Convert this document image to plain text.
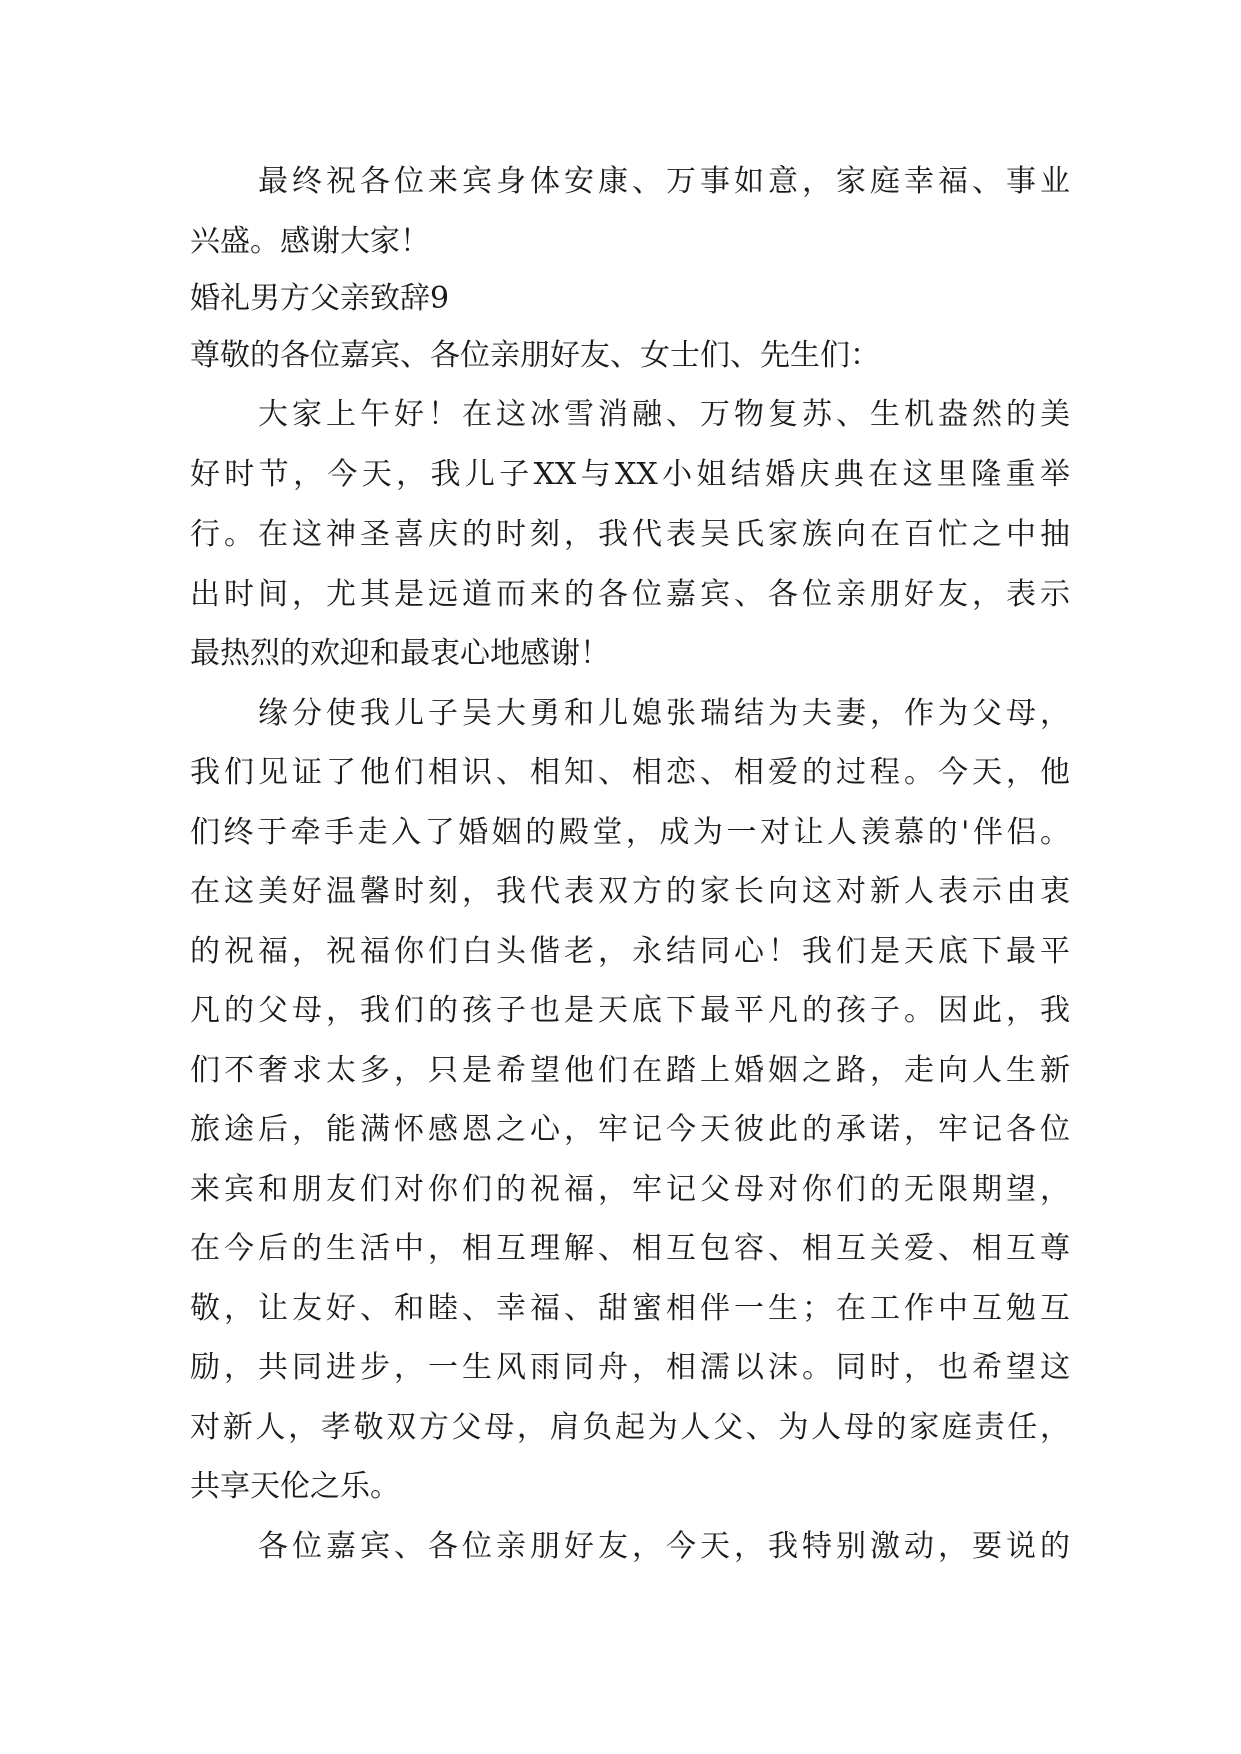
最终祝各位来宾身体安康、万事如意，家庭幸福、事业
兴盛。感谢大家！
婚礼男方父亲致辞9
尊敬的各位嘉宾、各位亲朋好友、女士们、先生们：
大家上午好！在这冰雪消融、万物复苏、生机盎然的美
好时节，今天，我儿子XX与XX小姐结婚庆典在这里隆重举
行。在这神圣喜庆的时刻，我代表吴氏家族向在百忙之中抽
出时间，尤其是远道而来的各位嘉宾、各位亲朋好友，表示
最热烈的欢迎和最衷心地感谢！
缘分使我儿子吴大勇和儿媳张瑞结为夫妻，作为父母，
我们见证了他们相识、相知、相恋、相爱的过程。今天，他
们终于牵手走入了婚姻的殿堂，成为一对让人羡慕的'伴侣。
在这美好温馨时刻，我代表双方的家长向这对新人表示由衷
的祝福，祝福你们白头偕老，永结同心！我们是天底下最平
凡的父母，我们的孩子也是天底下最平凡的孩子。因此，我
们不奢求太多，只是希望他们在踏上婚姻之路，走向人生新
旅途后，能满怀感恩之心，牢记今天彼此的承诺，牢记各位
来宾和朋友们对你们的祝福，牢记父母对你们的无限期望，
在今后的生活中，相互理解、相互包容、相互关爱、相互尊
敬，让友好、和睦、幸福、甜蜜相伴一生；在工作中互勉互
励，共同进步，一生风雨同舟，相濡以沫。同时，也希望这
对新人，孝敬双方父母，肩负起为人父、为人母的家庭责任，
共享天伦之乐。
各位嘉宾、各位亲朋好友，今天，我特别激动，要说的
